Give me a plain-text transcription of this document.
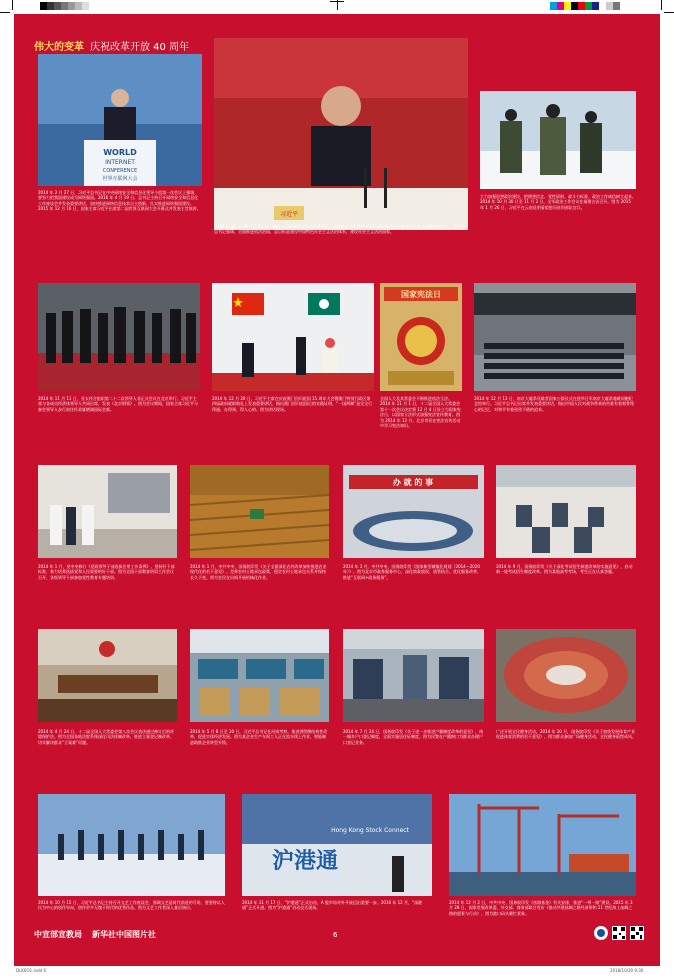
伟大的变革 庆祝改革开放 40 周年
WORLD
INTERNET
CONFERENCE
世界互联网大会
习近平
2014 年 2 月 27 日，习近平总书记在中央网络安全和信息化领导小组第一次会议上强调，要努力把我国建设成为网络强国。2016 年 4 月 19 日，总书记主持召开网络安全和信息化工作座谈会并发表重要讲话，加快推进网络信息技术自主创新，扎实推进网络强国建设。2015 年 12 月 16 日，国家主席习近平出席第二届世界互联网大会开幕式并发表主旨演讲。
2014 年 10 月 20 日至 23 日，党的十八届四中全会在北京举行。全会通过《中共中央关于全面推进依法治国若干重大问题的决定》。习近平总书记强调，全面推进依法治国，总目标是建设中国特色社会主义法治体系，建设社会主义法治国家。
大力加强思想政治建设，把理想信念、党性原则、战斗力标准、政治工作威信树立起来。2014 年 10 月 30 日至 11 月 2 日，全军政治工作会议在福建古田召开。图为 2015 年 1 月 26 日，习近平在云南昆明看望慰问驻训部队官兵。
2014 年 11 月 11 日，亚太经合组织第二十二次领导人非正式会议在北京举行。习近平主席与各成员经济体领导人共同出席，发表《北京纲领》。图为会议期间，国家主席习近平与参会领导人步行前往怀柔雁栖湖国际会都。
2014 年 12 月 20 日，习近平主席在庆祝澳门回归祖国 15 周年大会暨澳门特别行政区第四届政府就职典礼上发表重要讲话，指出澳门回归祖国后的实践证明，“一国两制”是完全行得通、办得到、得人心的。图为讲话现场。
国家宪法日
全国人大及其常委会不断推进依法立法。2014 年 11 月 1 日，十二届全国人大常委会第十一次会议决定将 12 月 4 日设立为国家宪法日，以国家立法形式加强宪法宣传教育。图为 2014 年 12 月，北京市民在宪法宣传活动中学习宪法知识。
2014 年 12 月 13 日，南京大屠杀死难者国家公祭仪式在侵华日军南京大屠杀遇难同胞纪念馆举行。习近平总书记出席并发表重要讲话，指出中国人民对战争带来的苦难有着刻骨铭心的记忆，对和平有着孜孜不倦的追求。
2014 年 1 月，党中央修订《党政领导干部选拔任用工作条例》。坚持好干部标准，着力培养选拔党和人民需要的好干部。图为全国干部教育培训工作会议召开，各级领导干部参加党性教育专题培训。
2014 年 1 月，中共中央、国务院印发《关于全面深化农村改革加快推进农业现代化的若干意见》。完善农村土地承包政策，稳定农村土地承包关系并保持长久不变。图为农民在田间开展机械化作业。
办 就 的 事
2014 年 3 月，中共中央、国务院印发《国家新型城镇化规划（2014—2020 年）》。图为北京市政务服务中心，深化简政放权、放管结合、优化服务改革，推进“互联网+政务服务”。
2014 年 9 月，国务院印发《关于深化考试招生制度改革的实施意见》，启动新一轮考试招生制度改革。图为某地高考考场，考生正在认真答题。
2014 年 4 月 24 日，十二届全国人大常委会第八次会议表决通过修订后的环境保护法。图为全国各地法院系统深化司法体制改革，推进立案登记制改革，切实解决群众“立案难”问题。
2014 年 5 月 8 日至 10 日，习近平总书记在河南考察。推进供给侧结构性改革，促进实体经济发展。图为某企业生产车间工人正在流水线上作业，智能制造助推企业转型升级。
2014 年 7 月 24 日，国务院印发《关于进一步推进户籍制度改革的意见》，统一城乡户口登记制度，全面实施居住证制度。图为民警在户籍窗口为群众办理户口登记业务。
广泛开展全民健身活动。2014 年 10 月，国务院印发《关于加快发展体育产业促进体育消费的若干意见》。图为群众参加广场健身活动，全民健身蔚然成风。
2014 年 10 月 15 日，习近平总书记主持召开文艺工作座谈会，强调文艺是时代前进的号角，要坚持以人民为中心的创作导向，创作更多无愧于时代的优秀作品。图为文艺工作者深入基层演出。
沪港通
Hong Kong Stock Connect
2014 年 11 月 17 日，“沪港通”正式启动，A 股市场对外开放迈出重要一步。2016 年 12 月，“深港通”正式开通。图为“沪港通”启动仪式现场。
2014 年 12 月 2 日，中共中央、国务院印发《丝路基金》有关安排，推进“一带一路”建设。2015 年 3 月 28 日，国家发展改革委、外交部、商务部联合发布《推动共建丝绸之路经济带和 21 世纪海上丝绸之路的愿景与行动》。图为港口码头繁忙景象。
中宣部宣教局 新华社中国图片社	6
DLK6O1.indd 6	2018/10/30 9:30
